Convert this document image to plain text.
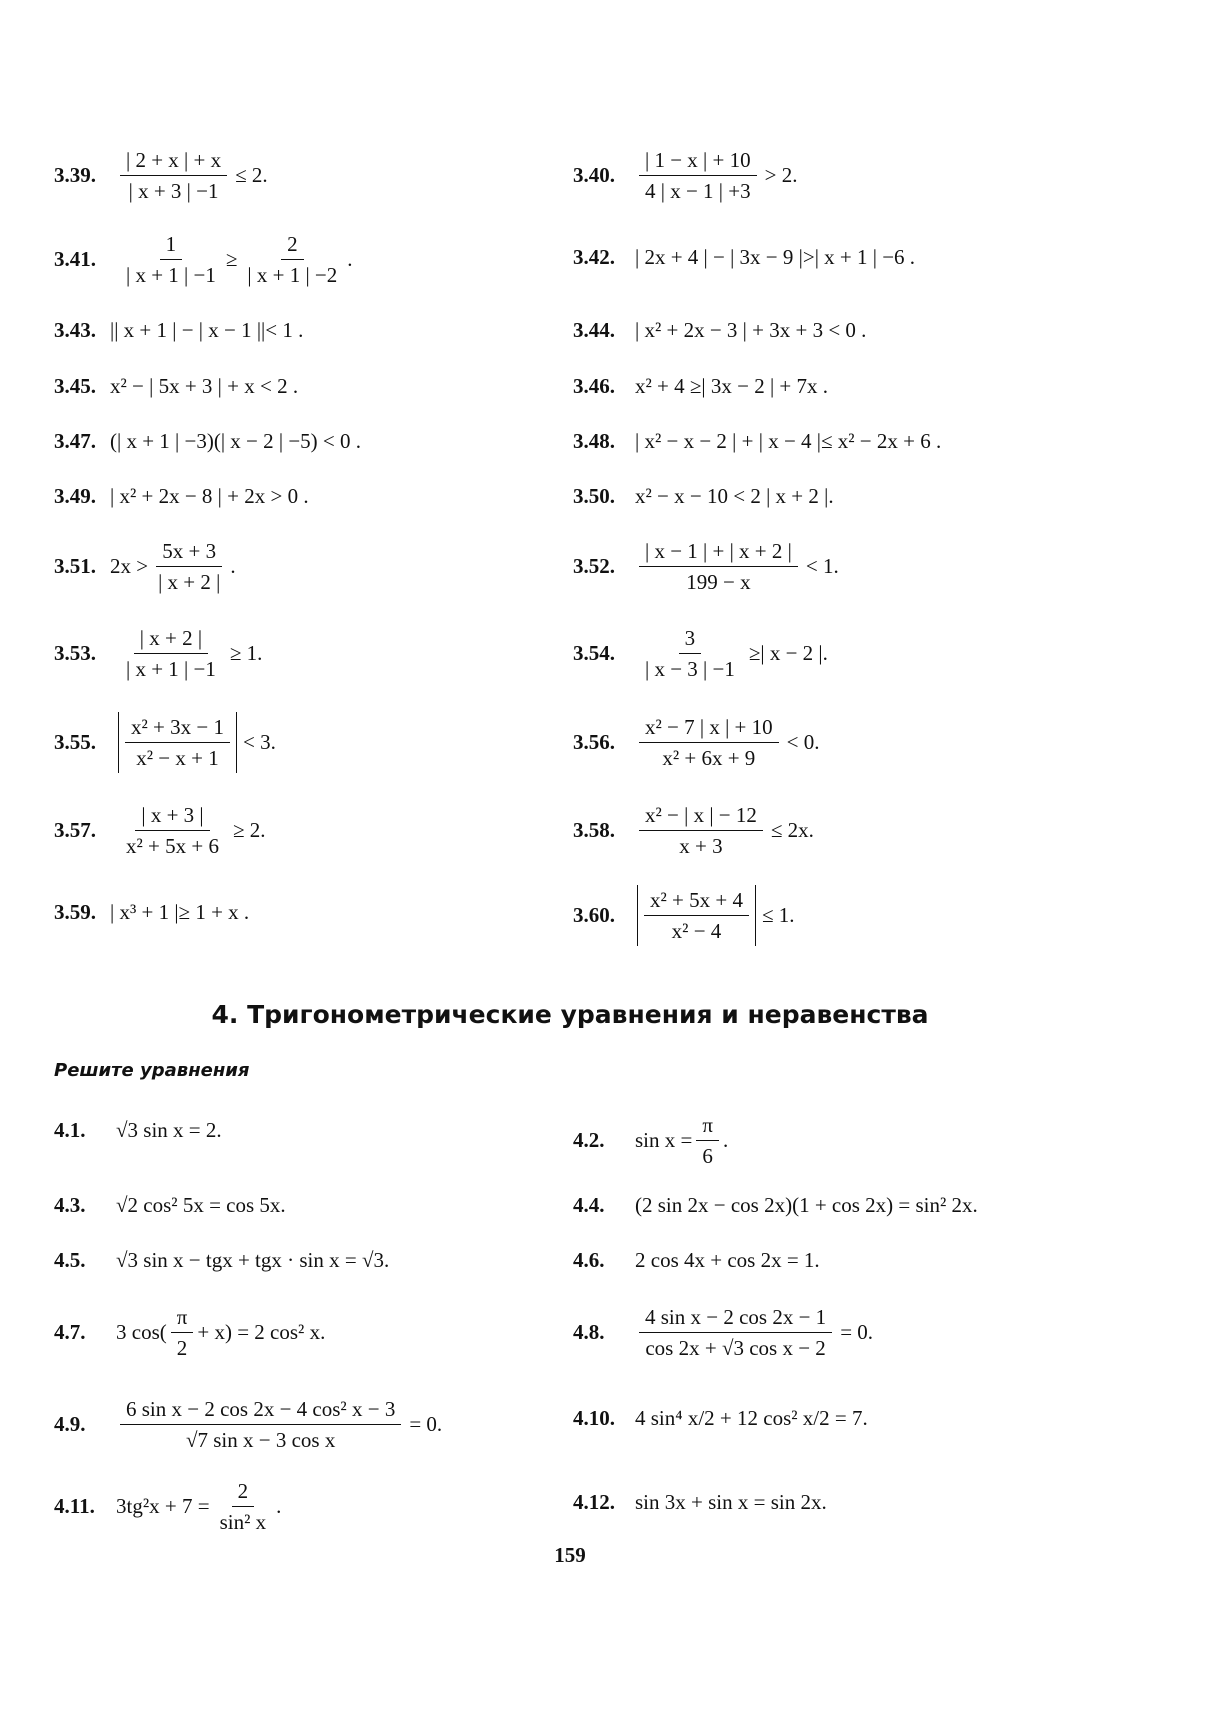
3.39.	$\frac{| 2 + x | + x}{| x + 3 | -1} \le 2$.	3.40.	$\frac{| 1 - x | + 10}{4 | x - 1 | +3} > 2$.
3.41.	$\frac{1}{| x + 1 | -1} \ge \frac{2}{| x + 1 | -2}$ .	3.42. | 2x + 4 | − | 3x − 9 |>| x + 1 | −6 .
3.43. || x + 1 | − | x − 1 ||< 1 .	3.44. | x² + 2x − 3 | + 3x + 3 < 0 .
3.45. x² − | 5x + 3 | + x < 2 .	3.46. x² + 4 ≥| 3x − 2 | + 7x .
3.47. (| x + 1 | −3)(| x − 2 | −5) < 0 .	3.48. | x² − x − 2 | + | x − 4 |≤ x² − 2x + 6 .
3.49. | x² + 2x − 8 | + 2x > 0 .	3.50. x² − x − 10 < 2 | x + 2 |.
3.51. $2x > \frac{5x + 3}{| x + 2 |}$ .	3.52.	$\frac{| x - 1 | + | x + 2 |}{199 - x} < 1$.
3.53.	$\frac{| x + 2 |}{| x + 1 | -1} \ge 1$.	3.54.	$\frac{3}{| x - 3 | -1}$ ≥| x − 2 |.
3.55.	$\frac{\text{x² + 3x − 1}}{\text{x² − x + 1}} < 3$.	3.56.	$\frac{\text{x² − 7 | x | + 10}}{\text{x² + 6x + 9}} < 0$.
3.57.	$\frac{| x + 3 |}{\text{x² + 5x + 6}} \ge 2$.	3.58.	$\frac{\text{x² − | x | − 12}}{x + 3} \le 2x$.
3.59. | x³ + 1 |≥ 1 + x .	3.60.	$\frac{\text{x² + 5x + 4}}{\text{x² − 4}} \le 1$.
4. Тригонометрические уравнения и неравенства
Решите уравнения
4.1.	√3 sin x = 2.	4.2.	$\sin x = \frac{\pi}{6}$ .
4.3.	√2 cos² 5x = cos 5x.	4.4.	(2 sin 2x − cos 2x)(1 + cos 2x) = sin² 2x.
4.5.	√3 sin x − tgx + tgx · sin x = √3.	4.6.	2 cos 4x + cos 2x = 1.
4.7.	3 $\cos( \frac{\pi}{2} + x) = 2$ cos² x.	4.8.	$\frac{\text{4 sin x − 2 cos 2x − 1}}{\text{cos 2x + √3 cos x − 2}} = 0$.
4.9.	$\frac{\text{6 sin x − 2 cos 2x − 4 cos² x − 3}}{\text{√7 sin x − 3 cos x}} = 0$.	4.10. 4 sin⁴ x/2 + 12 cos² x/2 = 7.
4.11.	$3tg^2x + 7 = \frac{2}{\text{sin² x}}$ .	4.12. sin 3x + sin x = sin 2x.
159
